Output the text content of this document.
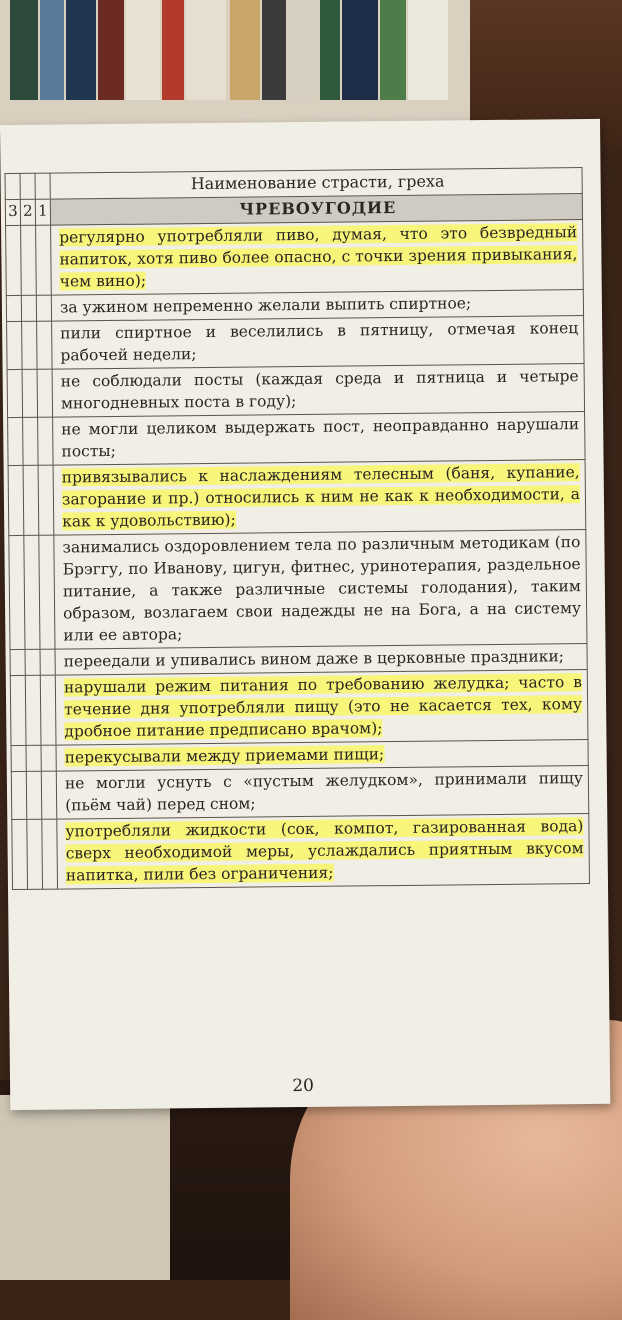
			Наименование страсти, греха
3	2	1	ЧРЕВОУГОДИЕ
			регулярно употребляли пиво, думая, что это безвредный напиток, хотя пиво более опасно, с точки зрения привыкания, чем вино);
			за ужином непременно желали выпить спиртное;
			пили спиртное и веселились в пятницу, отмечая конец рабочей недели;
			не соблюдали посты (каждая среда и пятница и четыре многодневных поста в году);
			не могли целиком выдержать пост, неоправданно нарушали посты;
			привязывались к наслаждениям телесным (баня, купание, загорание и пр.) относились к ним не как к необходимости, а как к удовольствию);
			занимались оздоровлением тела по различным методикам (по Брэггу, по Иванову, цигун, фитнес, уринотерапия, раздельное питание, а также различные системы голодания), таким образом, возлагаем свои надежды не на Бога, а на систему или ее автора;
			переедали и упивались вином даже в церковные праздники;
			нарушали режим питания по требованию желудка; часто в течение дня употребляли пищу (это не касается тех, кому дробное питание предписано врачом);
			перекусывали между приемами пищи;
			не могли уснуть с «пустым желудком», принимали пищу (пьём чай) перед сном;
			употребляли жидкости (сок, компот, газированная вода) сверх необходимой меры, услаждались приятным вкусом напитка, пили без ограничения;
20
